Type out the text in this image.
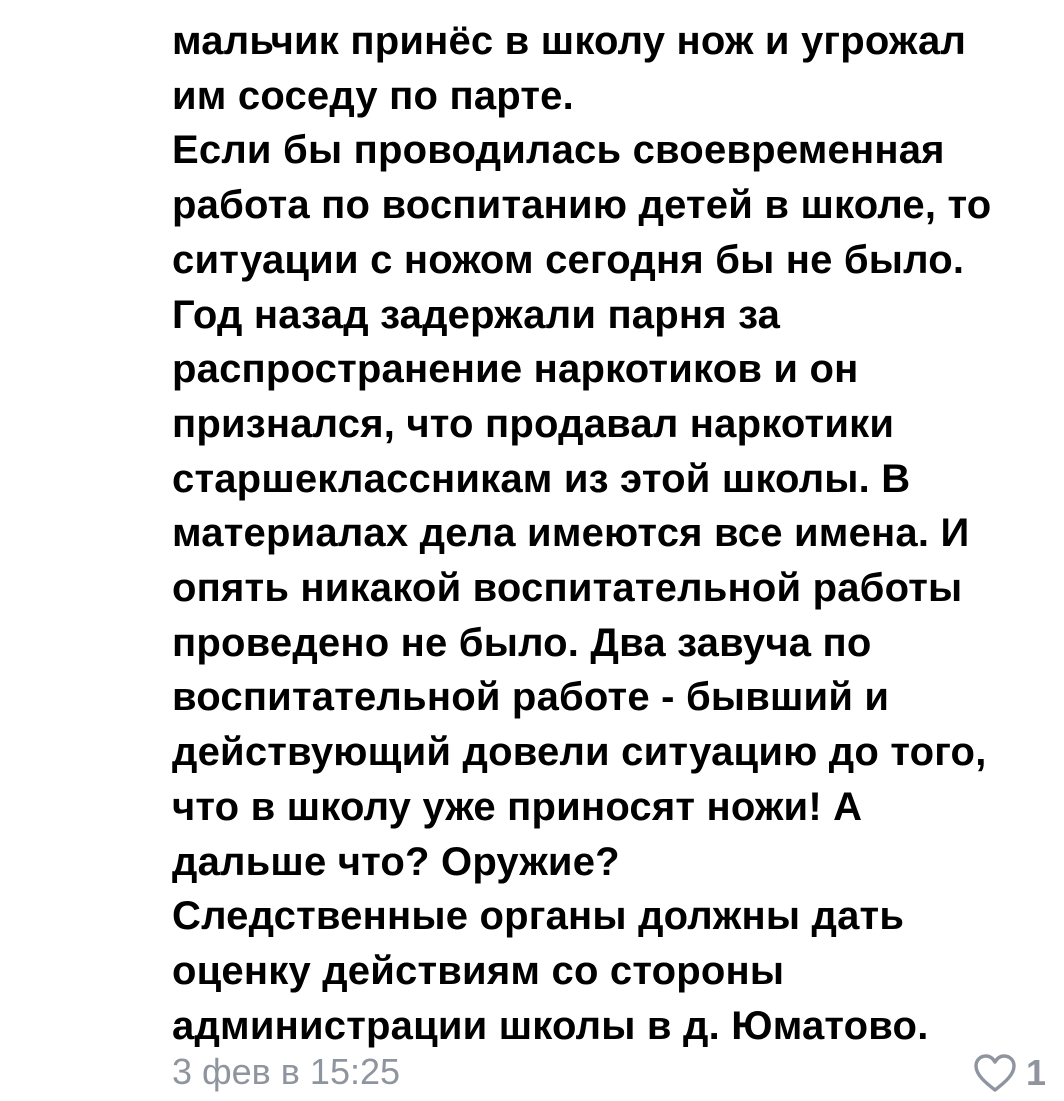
мальчик принёс в школу нож и угрожал
им соседу по парте.
Если бы проводилась своевременная
работа по воспитанию детей в школе, то
ситуации с ножом сегодня бы не было.
Год назад задержали парня за
распространение наркотиков и он
признался, что продавал наркотики
старшеклассникам из этой школы. В
материалах дела имеются все имена. И
опять никакой воспитательной работы
проведено не было. Два завуча по
воспитательной работе - бывший и
действующий довели ситуацию до того,
что в школу уже приносят ножи! А
дальше что? Оружие?
Следственные органы должны дать
оценку действиям со стороны
администрации школы в д. Юматово.

3 фев в 15:25	1
